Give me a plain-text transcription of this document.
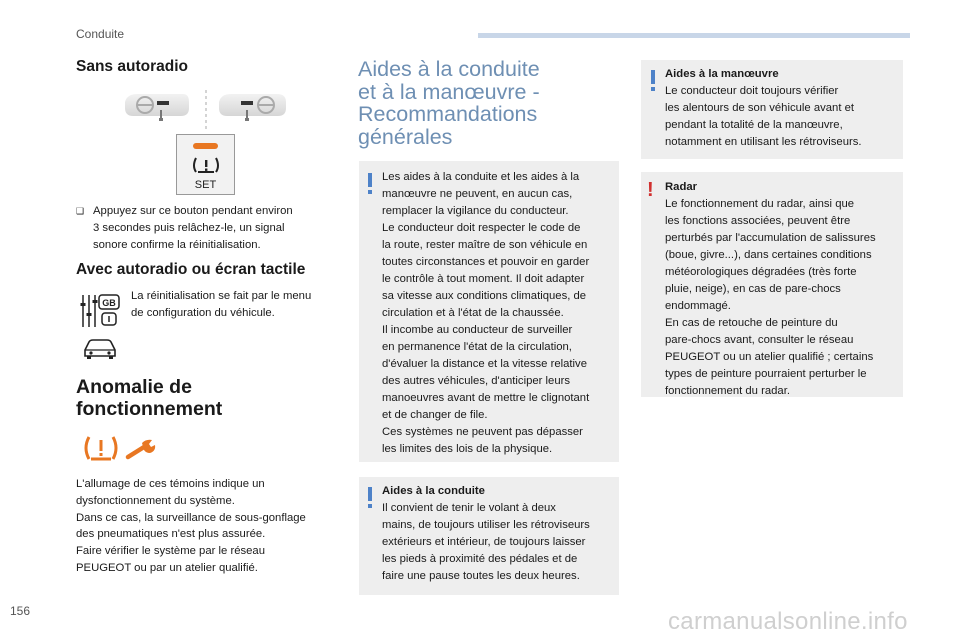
Conduite
Sans autoradio
SET
❑ Appuyez sur ce bouton pendant environ
3 secondes puis relâchez-le, un signal
sonore confirme la réinitialisation.
Avec autoradio ou écran tactile
GB
La réinitialisation se fait par le menu
de configuration du véhicule.
Anomalie de
fonctionnement
L'allumage de ces témoins indique un
dysfonctionnement du système.
Dans ce cas, la surveillance de sous-gonflage
des pneumatiques n'est plus assurée.
Faire vérifier le système par le réseau
PEUGEOT ou par un atelier qualifié.
Aides à la conduite
et à la manœuvre -
Recommandations
générales
Les aides à la conduite et les aides à la
manœuvre ne peuvent, en aucun cas,
remplacer la vigilance du conducteur.
Le conducteur doit respecter le code de
la route, rester maître de son véhicule en
toutes circonstances et pouvoir en garder
le contrôle à tout moment. Il doit adapter
sa vitesse aux conditions climatiques, de
circulation et à l'état de la chaussée.
Il incombe au conducteur de surveiller
en permanence l'état de la circulation,
d'évaluer la distance et la vitesse relative
des autres véhicules, d'anticiper leurs
manoeuvres avant de mettre le clignotant
et de changer de file.
Ces systèmes ne peuvent pas dépasser
les limites des lois de la physique.
Aides à la conduite
Il convient de tenir le volant à deux
mains, de toujours utiliser les rétroviseurs
extérieurs et intérieur, de toujours laisser
les pieds à proximité des pédales et de
faire une pause toutes les deux heures.
Aides à la manœuvre
Le conducteur doit toujours vérifier
les alentours de son véhicule avant et
pendant la totalité de la manœuvre,
notamment en utilisant les rétroviseurs.
! Radar
Le fonctionnement du radar, ainsi que
les fonctions associées, peuvent être
perturbés par l'accumulation de salissures
(boue, givre...), dans certaines conditions
météorologiques dégradées (très forte
pluie, neige), en cas de pare-chocs
endommagé.
En cas de retouche de peinture du
pare-chocs avant, consulter le réseau
PEUGEOT ou un atelier qualifié ; certains
types de peinture pourraient perturber le
fonctionnement du radar.
156	carmanualsonline.info
